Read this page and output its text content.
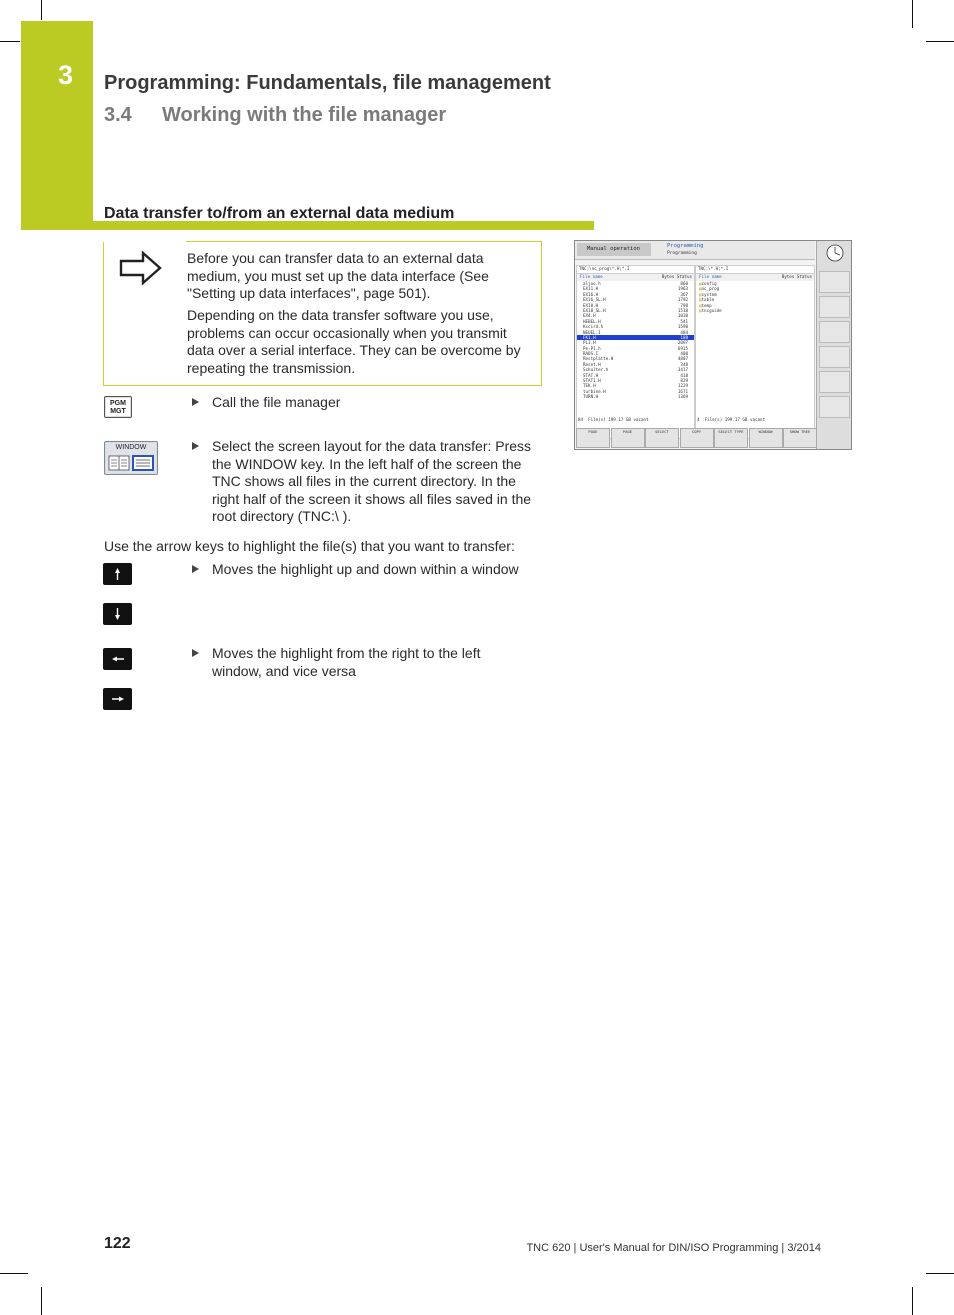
3 Programming: Fundamentals, file management
3.4 Working with the file manager
Data transfer to/from an external data medium
Before you can transfer data to an external data medium, you must set up the data interface (See "Setting up data interfaces", page 501).
Depending on the data transfer software you use, problems can occur occasionally when you transmit data over a serial interface. They can be overcome by repeating the transmission.
PGM
MGT
Call the file manager
WINDOW	Select the screen layout for the data transfer: Press the WINDOW key. In the left half of the screen the TNC shows all files in the current directory. In the right half of the screen it shows all files saved in the root directory (TNC:\ ).
Use the arrow keys to highlight the file(s) that you want to transfer:
Moves the highlight up and down within a window
Moves the highlight from the right to the left window, and vice versa
Manual operation	Programming
Programming
TNC:\nc_prog\*.H;*.I
File name	Bytes Status
aljoo.h	860
EX11.H	1963
EX16.H	367
EX16_SL.H	1792
EX18.H	798
EX18_SL.H	1518
EX4.H	1038
HEBEL.H	541
Kscird.h	1598
NEUEL.I	484
FK1.H	188
PL1.H	2097
Pe-P1.h	6915
RADS.I	408
Restplatte.H	4807
Reset.H	348
Schulter.h	3417
STAT.H	418
STAT1.H	829
TEK.H	1229
turbine.H	1671
TURN.H	1369
TNC:\*.H;*.I
File name	Bytes Status
▤config
▤nc_prog
▤system
▤table
▤temp
▤tncguide
84 File(s) 199.17 GB vacant	4 File(s) 199.17 GB vacant
PAGE	PAGE	SELECT	COPY	SELECT TYPE	WINDOW	SHOW TREE
122	TNC 620 | User's Manual for DIN/ISO Programming | 3/2014
